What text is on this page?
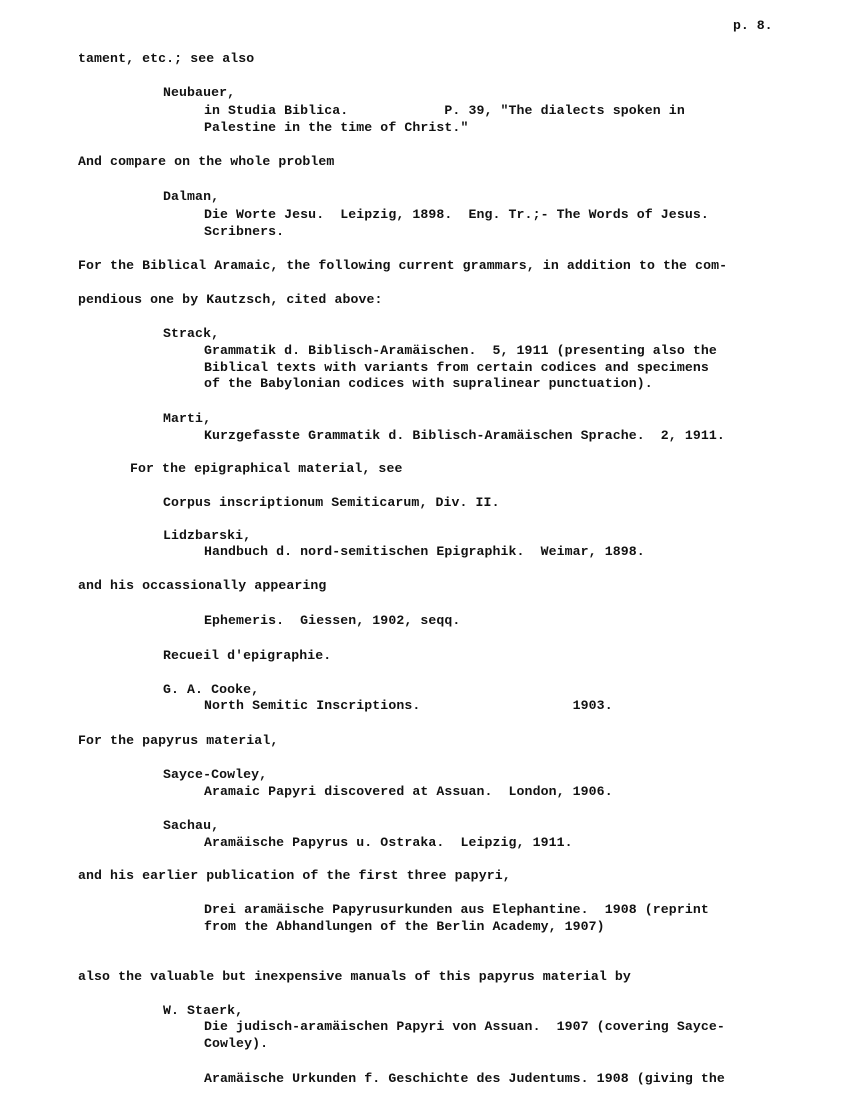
p. 8.
tament, etc.; see also
Neubauer,
in Studia Biblica.            P. 39, "The dialects spoken in
Palestine in the time of Christ."
And compare on the whole problem
Dalman,
Die Worte Jesu.  Leipzig, 1898.  Eng. Tr.;- The Words of Jesus.
Scribners.
For the Biblical Aramaic, the following current grammars, in addition to the com-
pendious one by Kautzsch, cited above:
Strack,
Grammatik d. Biblisch-Aramäischen.  5, 1911 (presenting also the
Biblical texts with variants from certain codices and specimens
of the Babylonian codices with supralinear punctuation).
Marti,
Kurzgefasste Grammatik d. Biblisch-Aramäischen Sprache.  2, 1911.
For the epigraphical material, see
Corpus inscriptionum Semiticarum, Div. II.
Lidzbarski,
Handbuch d. nord-semitischen Epigraphik.  Weimar, 1898.
and his occassionally appearing
Ephemeris.  Giessen, 1902, seqq.
Recueil d'epigraphie.
G. A. Cooke,
North Semitic Inscriptions.                   1903.
For the papyrus material,
Sayce-Cowley,
Aramaic Papyri discovered at Assuan.  London, 1906.
Sachau,
Aramäische Papyrus u. Ostraka.  Leipzig, 1911.
and his earlier publication of the first three papyri,
Drei aramäische Papyrusurkunden aus Elephantine.  1908 (reprint
from the Abhandlungen of the Berlin Academy, 1907)
also the valuable but inexpensive manuals of this papyrus material by
W. Staerk,
Die judisch-aramäischen Papyri von Assuan.  1907 (covering Sayce-
Cowley).
Aramäische Urkunden f. Geschichte des Judentums. 1908 (giving the
